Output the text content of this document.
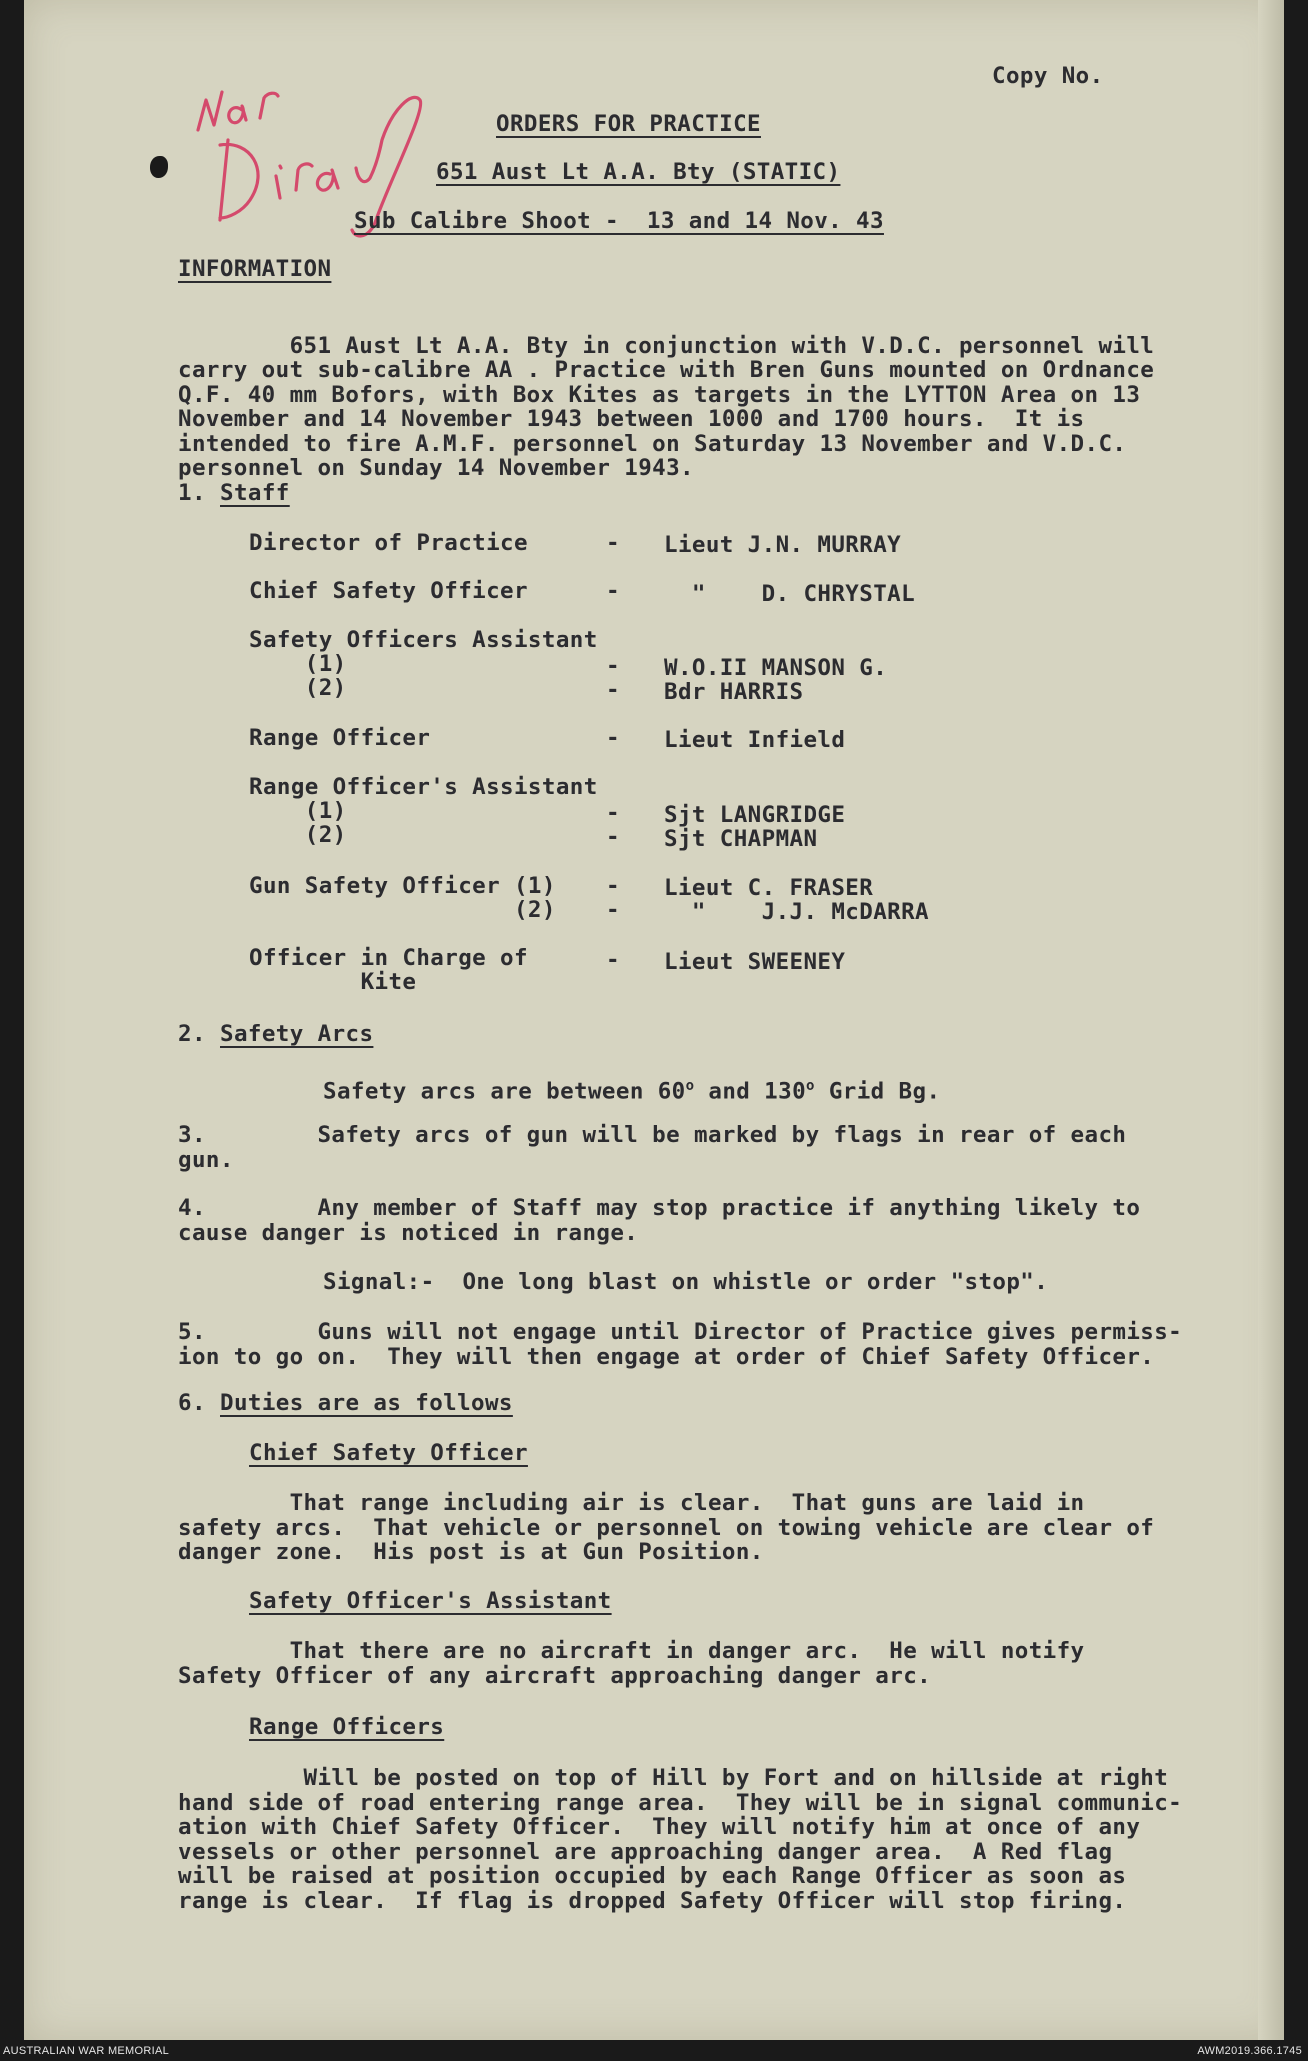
Copy No.
ORDERS FOR PRACTICE
651 Aust Lt A.A. Bty (STATIC)
Sub Calibre Shoot -  13 and 14 Nov. 43
INFORMATION

651 Aust Lt A.A. Bty in conjunction with V.D.C. personnel will
carry out sub-calibre AA . Practice with Bren Guns mounted on Ordnance
Q.F. 40 mm Bofors, with Box Kites as targets in the LYTTON Area on 13
November and 14 November 1943 between 1000 and 1700 hours.  It is
intended to fire A.M.F. personnel on Saturday 13 November and V.D.C.
personnel on Sunday 14 November 1943.

1. Staff
Director of Practice	- Lieut J.N. MURRAY
Chief Safety Officer	- "    D. CHRYSTAL
Safety Officers Assistant
(1)	- W.O.II MANSON G.
(2)	- Bdr HARRIS
Range Officer	- Lieut Infield
Range Officer's Assistant
(1)	- Sjt LANGRIDGE
(2)	- Sjt CHAPMAN
Gun Safety Officer (1) - Lieut C. FRASER
(2) - "    J.J. McDARRA
Officer in Charge of	- Lieut SWEENEY
Kite
2. Safety Arcs
Safety arcs are between 60$^o$ and 130$^o$ Grid Bg.
3.        Safety arcs of gun will be marked by flags in rear of each
gun.
4.        Any member of Staff may stop practice if anything likely to
cause danger is noticed in range.
Signal:-  One long blast on whistle or order "stop".
5.        Guns will not engage until Director of Practice gives permiss-
ion to go on.  They will then engage at order of Chief Safety Officer.
6. Duties are as follows
Chief Safety Officer
That range including air is clear.  That guns are laid in
safety arcs.  That vehicle or personnel on towing vehicle are clear of
danger zone.  His post is at Gun Position.
Safety Officer's Assistant
That there are no aircraft in danger arc.  He will notify
Safety Officer of any aircraft approaching danger arc.
Range Officers
Will be posted on top of Hill by Fort and on hillside at right
hand side of road entering range area.  They will be in signal communic-
ation with Chief Safety Officer.  They will notify him at once of any
vessels or other personnel are approaching danger area.  A Red flag
will be raised at position occupied by each Range Officer as soon as
range is clear.  If flag is dropped Safety Officer will stop firing.
AUSTRALIAN WAR MEMORIAL	AWM2019.366.1745
